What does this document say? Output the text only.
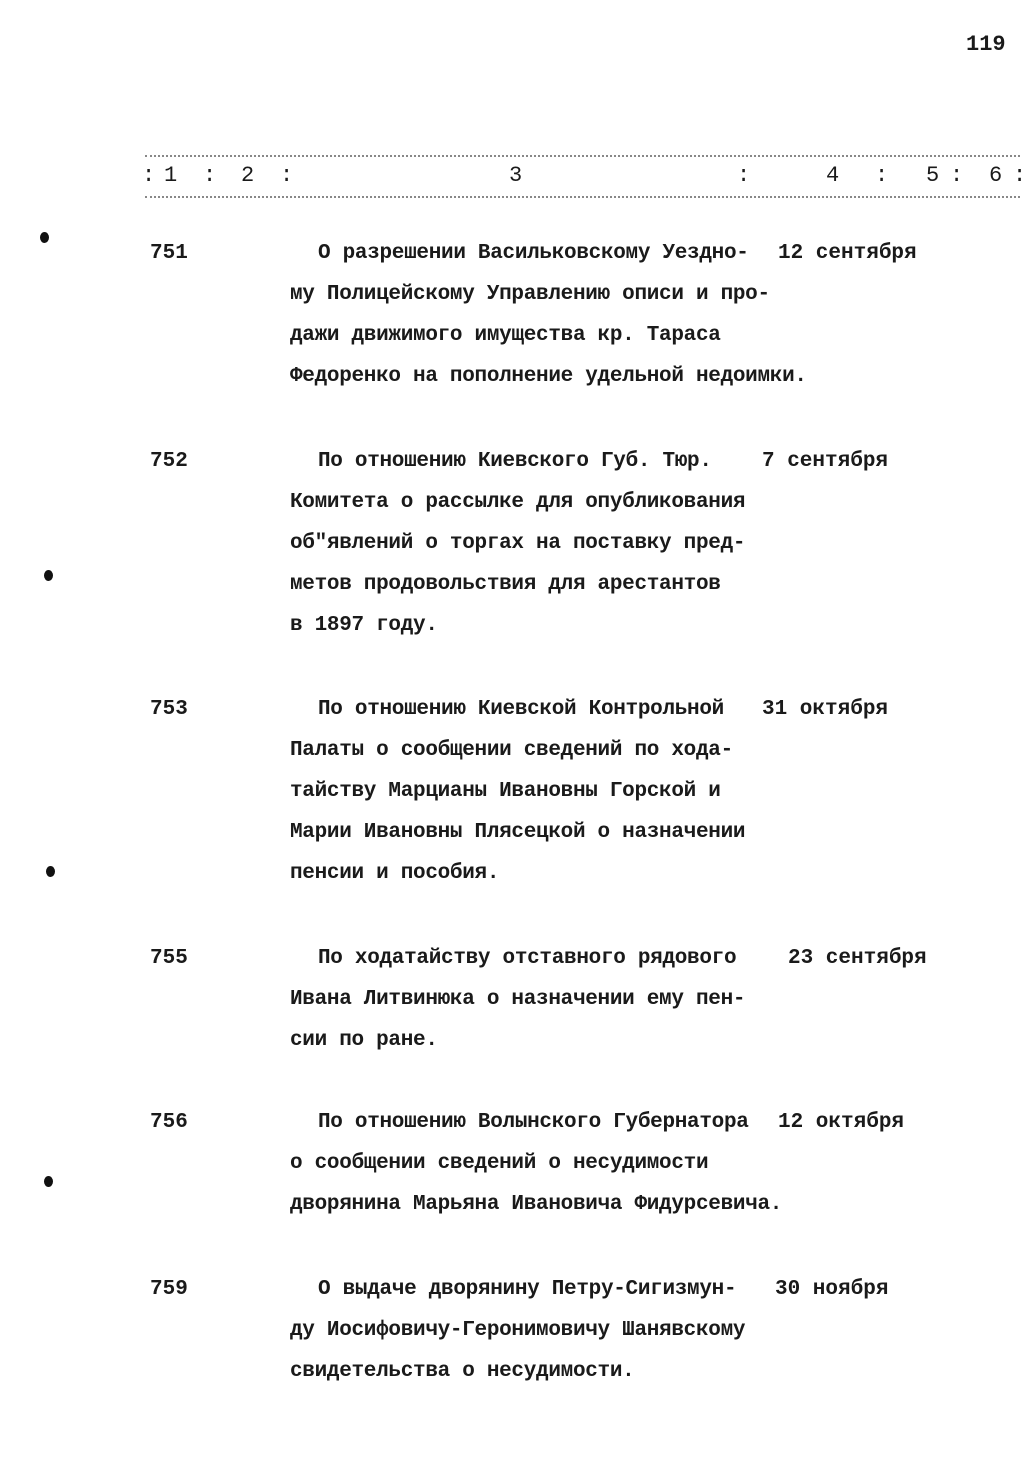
119
: 1 : 2 :	3	:	4 : 5 : 6 :
751	О разрешении Васильковскому Уездно- 12 сентября
му Полицейскому Управлению описи и про-
дажи движимого имущества кр. Тараса
Федоренко на пополнение удельной недоимки.
752	По отношению Киевского Губ. Тюр. 7 сентября
Комитета о рассылке для опубликования
об"явлений о торгах на поставку пред-
метов продовольствия для арестантов
в 1897 году.
753	По отношению Киевской Контрольной 31 октября
Палаты о сообщении сведений по хода-
тайству Марцианы Ивановны Горской и
Марии Ивановны Плясецкой о назначении
пенсии и пособия.
755	По ходатайству отставного рядового 23 сентября
Ивана Литвинюка о назначении ему пен-
сии по ране.
756	По отношению Волынского Губернатора 12 октября
о сообщении сведений о несудимости
дворянина Марьяна Ивановича Фидурсевича.
759	О выдаче дворянину Петру-Сигизмун- 30 ноября
ду Иосифовичу-Геронимовичу Шанявскому
свидетельства о несудимости.
